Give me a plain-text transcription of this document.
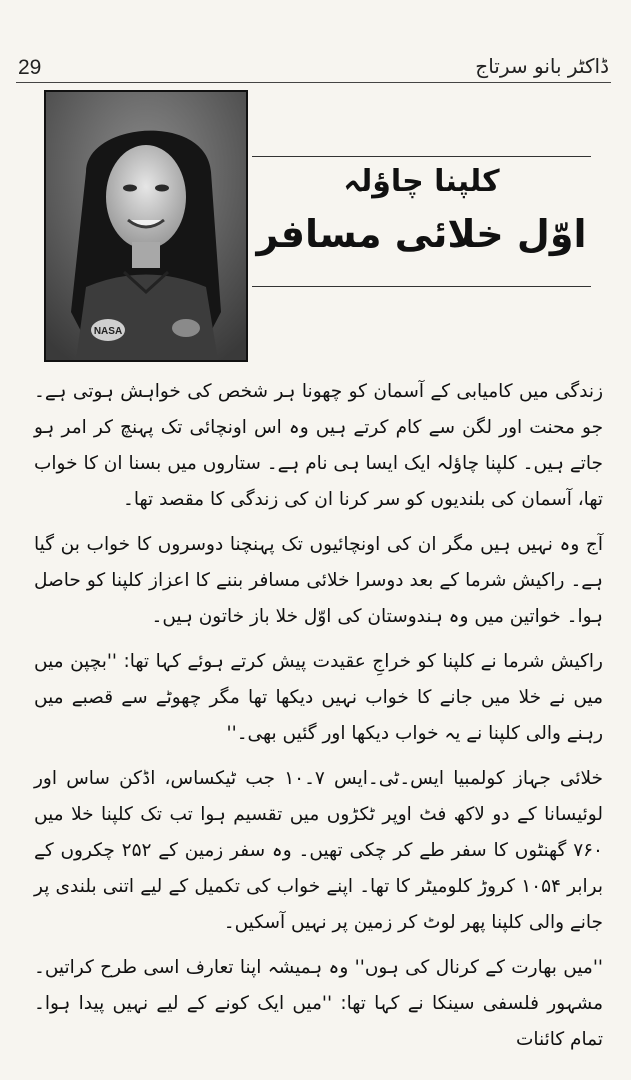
29	ڈاکٹر بانو سرتاج
NASA
کلپنا چاؤلہ
اوّل خلائی مسافر

زندگی میں کامیابی کے آسمان کو چھونا ہر شخص کی خواہش ہوتی ہے۔ جو محنت اور لگن سے کام کرتے ہیں وہ اس اونچائی تک پہنچ کر امر ہو جاتے ہیں۔ کلپنا چاؤلہ ایک ایسا ہی نام ہے۔ ستاروں میں بسنا ان کا خواب تھا، آسمان کی بلندیوں کو سر کرنا ان کی زندگی کا مقصد تھا۔

آج وہ نہیں ہیں مگر ان کی اونچائیوں تک پہنچنا دوسروں کا خواب بن گیا ہے۔ راکیش شرما کے بعد دوسرا خلائی مسافر بننے کا اعزاز کلپنا کو حاصل ہوا۔ خواتین میں وہ ہندوستان کی اوّل خلا باز خاتون ہیں۔

راکیش شرما نے کلپنا کو خراجِ عقیدت پیش کرتے ہوئے کہا تھا: ''بچپن میں میں نے خلا میں جانے کا خواب نہیں دیکھا تھا مگر چھوٹے سے قصبے میں رہنے والی کلپنا نے یہ خواب دیکھا اور گئیں بھی۔''

خلائی جہاز کولمبیا ایس۔ٹی۔ایس ۷۔۱۰ جب ٹیکساس، اڈکن ساس اور لوئیسانا کے دو لاکھ فٹ اوپر ٹکڑوں میں تقسیم ہوا تب تک کلپنا خلا میں ۷۶۰ گھنٹوں کا سفر طے کر چکی تھیں۔ وہ سفر زمین کے ۲۵۲ چکروں کے برابر ۱۰۵۴ کروڑ کلومیٹر کا تھا۔ اپنے خواب کی تکمیل کے لیے اتنی بلندی پر جانے والی کلپنا پھر لوٹ کر زمین پر نہیں آسکیں۔

''میں بھارت کے کرنال کی ہوں'' وہ ہمیشہ اپنا تعارف اسی طرح کراتیں۔ مشہور فلسفی سینکا نے کہا تھا: ''میں ایک کونے کے لیے نہیں پیدا ہوا۔ تمام کائنات
